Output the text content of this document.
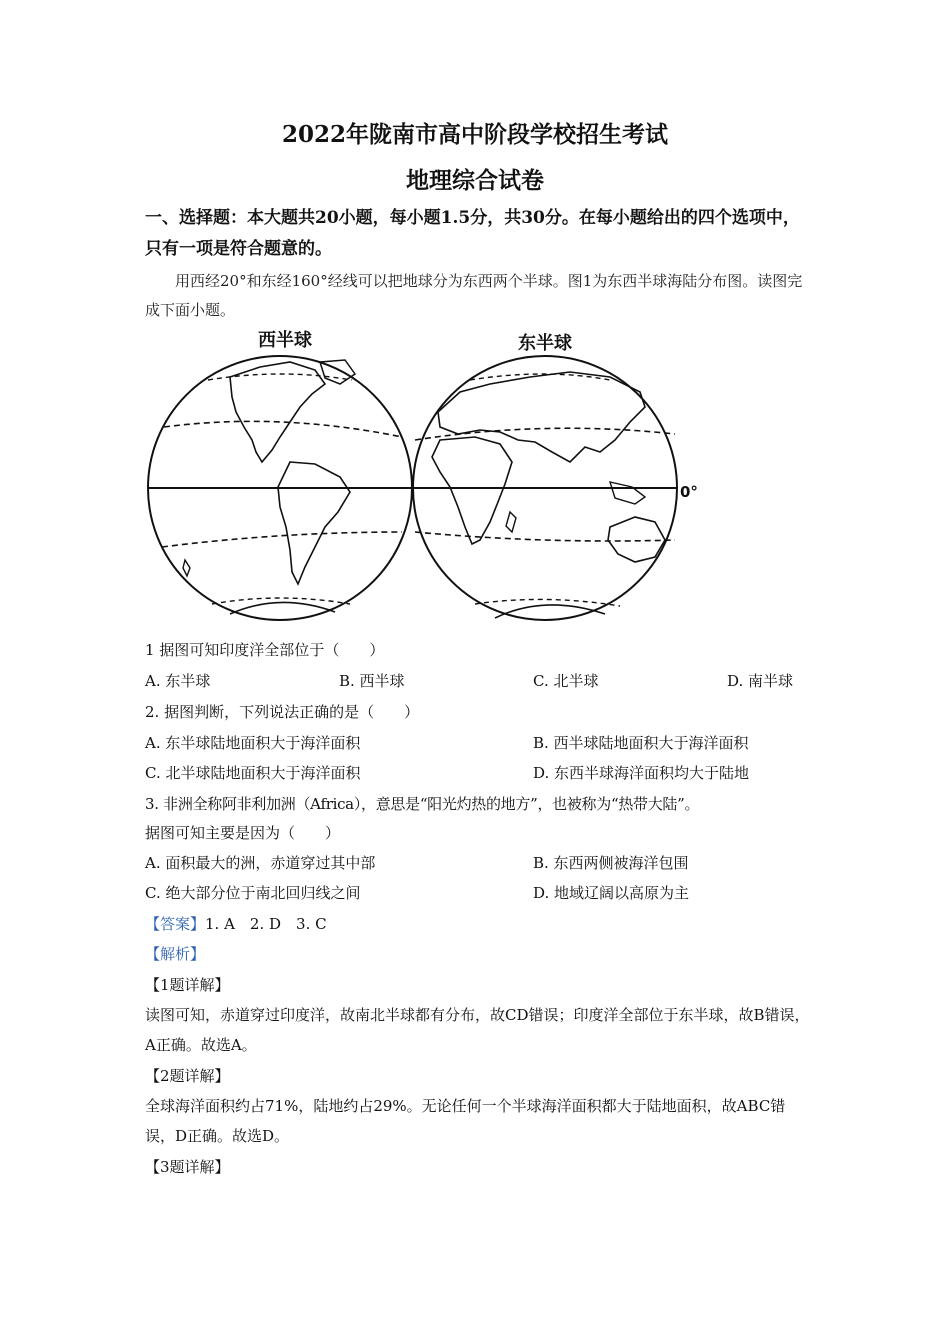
2022年陇南市高中阶段学校招生考试
地理综合试卷
一、选择题：本大题共20小题，每小题1.5分，共30分。在每小题给出的四个选项中，只有一项是符合题意的。
用西经20°和东经160°经线可以把地球分为东西两个半球。图1为东西半球海陆分布图。读图完成下面小题。
西半球	东半球
0°
1 据图可知印度洋全部位于（　　）
A. 东半球	B. 西半球	C. 北半球	D. 南半球
2. 据图判断，下列说法正确的是（　　）
A. 东半球陆地面积大于海洋面积	B. 西半球陆地面积大于海洋面积
C. 北半球陆地面积大于海洋面积	D. 东西半球海洋面积均大于陆地
3. 非洲全称阿非利加洲（Africa），意思是“阳光灼热的地方”，也被称为“热带大陆”。
据图可知主要是因为（　　）
A. 面积最大的洲，赤道穿过其中部	B. 东西两侧被海洋包围
C. 绝大部分位于南北回归线之间	D. 地域辽阔以高原为主
【答案】1. A　2. D　3. C
【解析】
【1题详解】
读图可知，赤道穿过印度洋，故南北半球都有分布，故CD错误；印度洋全部位于东半球，故B错误，A正确。故选A。
【2题详解】
全球海洋面积约占71%，陆地约占29%。无论任何一个半球海洋面积都大于陆地面积，故ABC错误，D正确。故选D。
【3题详解】
